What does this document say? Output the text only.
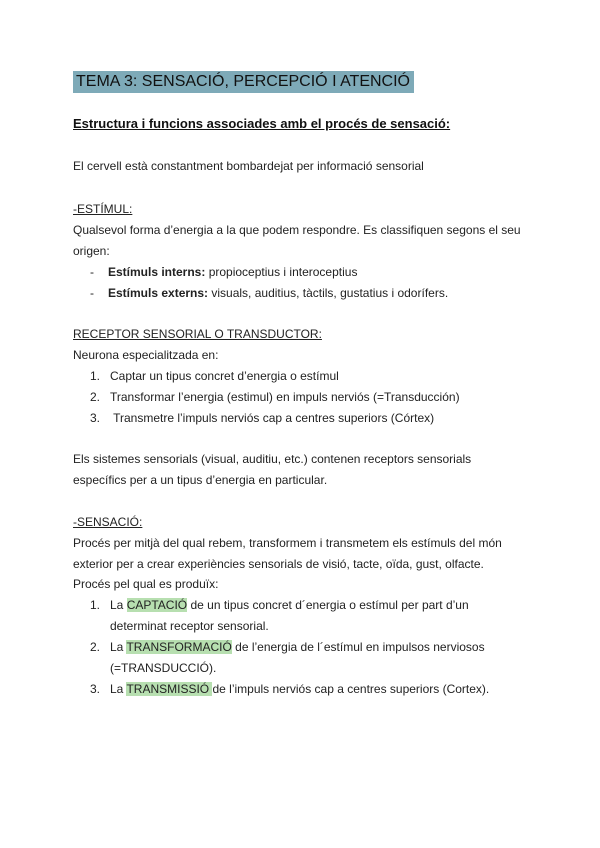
TEMA 3: SENSACIÓ, PERCEPCIÓ I ATENCIÓ
Estructura i funcions associades amb el procés de sensació:
El cervell està constantment bombardejat per informació sensorial
-ESTÍMUL:
Qualsevol forma d’energia a la que podem respondre. Es classifiquen segons el seu
origen:
- Estímuls interns: propioceptius i interoceptius
- Estímuls externs: visuals, auditius, tàctils, gustatius i odorífers.
RECEPTOR SENSORIAL O TRANSDUCTOR:
Neurona especialitzada en:
1. Captar un tipus concret d’energia o estímul
2. Transformar l’energia (estimul) en impuls nerviós (=Transducción)
3. Transmetre l’impuls nerviós cap a centres superiors (Córtex)
Els sistemes sensorials (visual, auditiu, etc.) contenen receptors sensorials
específics per a un tipus d’energia en particular.
-SENSACIÓ:
Procés per mitjà del qual rebem, transformem i transmetem els estímuls del món
exterior per a crear experiències sensorials de visió, tacte, oïda, gust, olfacte.
Procés pel qual es produïx:
1. La CAPTACIÓ de un tipus concret d´energia o estímul per part d’un
determinat receptor sensorial.
2. La TRANSFORMACIÓ de l’energia de l´estímul en impulsos nerviosos
(=TRANSDUCCIÓ).
3. La TRANSMISSIÓ de l’impuls nerviós cap a centres superiors (Cortex).
